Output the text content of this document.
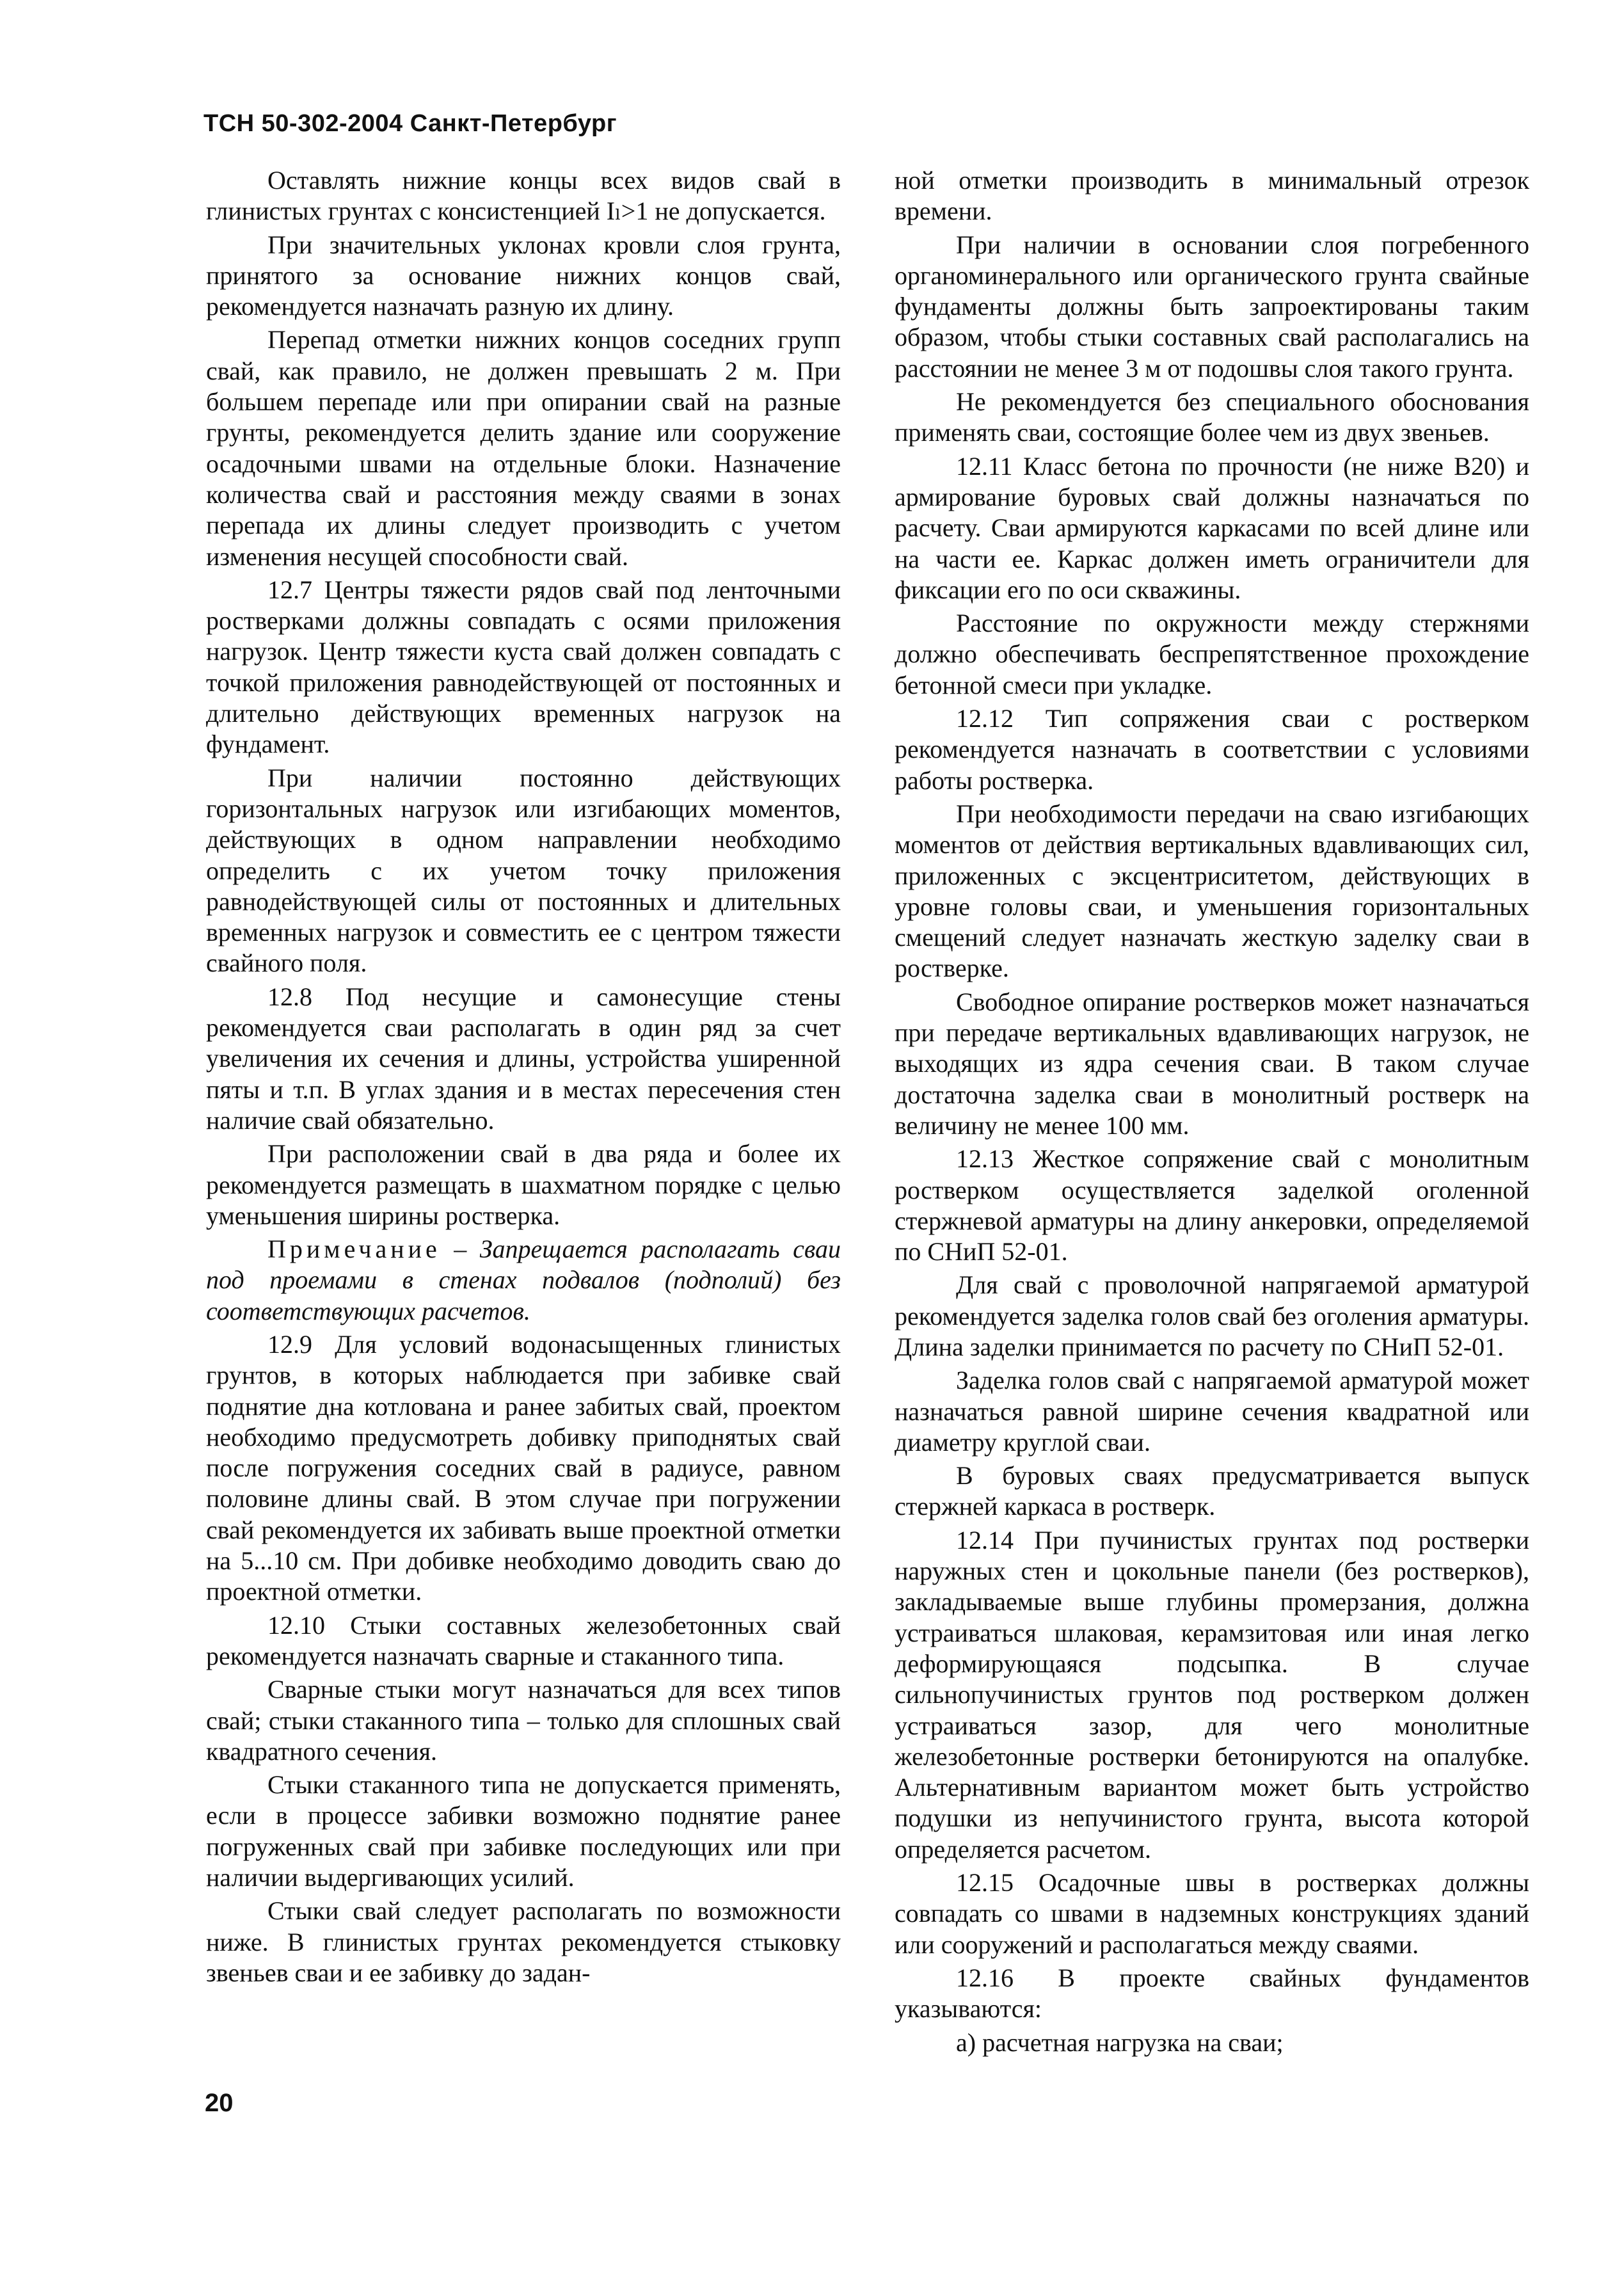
ТСН 50-302-2004 Санкт-Петербург

Оставлять нижние концы всех видов свай в глинистых грунтах с консистенцией Iₗ>1 не допускается.

При значительных уклонах кровли слоя грунта, принятого за основание нижних концов свай, рекомендуется назначать разную их длину.

Перепад отметки нижних концов соседних групп свай, как правило, не должен превышать 2 м. При большем перепаде или при опирании свай на разные грунты, рекомендуется делить здание или сооружение осадочными швами на отдельные блоки. Назначение количества свай и расстояния между сваями в зонах перепада их длины следует производить с учетом изменения несущей способности свай.

12.7 Центры тяжести рядов свай под ленточными ростверками должны совпадать с осями приложения нагрузок. Центр тяжести куста свай должен совпадать с точкой приложения равнодействующей от постоянных и длительно действующих временных нагрузок на фундамент.

При наличии постоянно действующих горизонтальных нагрузок или изгибающих моментов, действующих в одном направлении необходимо определить с их учетом точку приложения равнодействующей силы от постоянных и длительных временных нагрузок и совместить ее с центром тяжести свайного поля.

12.8 Под несущие и самонесущие стены рекомендуется сваи располагать в один ряд за счет увеличения их сечения и длины, устройства уширенной пяты и т.п. В углах здания и в местах пересечения стен наличие свай обязательно.

При расположении свай в два ряда и более их рекомендуется размещать в шахматном порядке с целью уменьшения ширины ростверка.

Примечание – Запрещается располагать сваи под проемами в стенах подвалов (подполий) без соответствующих расчетов.

12.9 Для условий водонасыщенных глинистых грунтов, в которых наблюдается при забивке свай поднятие дна котлована и ранее забитых свай, проектом необходимо предусмотреть добивку приподнятых свай после погружения соседних свай в радиусе, равном половине длины свай. В этом случае при погружении свай рекомендуется их забивать выше проектной отметки на 5...10 см. При добивке необходимо доводить сваю до проектной отметки.

12.10 Стыки составных железобетонных свай рекомендуется назначать сварные и стаканного типа.

Сварные стыки могут назначаться для всех типов свай; стыки стаканного типа – только для сплошных свай квадратного сечения.

Стыки стаканного типа не допускается применять, если в процессе забивки возможно поднятие ранее погруженных свай при забивке последующих или при наличии выдергивающих усилий.

Стыки свай следует располагать по возможности ниже. В глинистых грунтах рекомендуется стыковку звеньев сваи и ее забивку до задан-

ной отметки производить в минимальный отрезок времени.

При наличии в основании слоя погребенного органоминерального или органического грунта свайные фундаменты должны быть запроектированы таким образом, чтобы стыки составных свай располагались на расстоянии не менее 3 м от подошвы слоя такого грунта.

Не рекомендуется без специального обоснования применять сваи, состоящие более чем из двух звеньев.

12.11 Класс бетона по прочности (не ниже B20) и армирование буровых свай должны назначаться по расчету. Сваи армируются каркасами по всей длине или на части ее. Каркас должен иметь ограничители для фиксации его по оси скважины.

Расстояние по окружности между стержнями должно обеспечивать беспрепятственное прохождение бетонной смеси при укладке.

12.12 Тип сопряжения сваи с ростверком рекомендуется назначать в соответствии с условиями работы ростверка.

При необходимости передачи на сваю изгибающих моментов от действия вертикальных вдавливающих сил, приложенных с эксцентриситетом, действующих в уровне головы сваи, и уменьшения горизонтальных смещений следует назначать жесткую заделку сваи в ростверке.

Свободное опирание ростверков может назначаться при передаче вертикальных вдавливающих нагрузок, не выходящих из ядра сечения сваи. В таком случае достаточна заделка сваи в монолитный ростверк на величину не менее 100 мм.

12.13 Жесткое сопряжение свай с монолитным ростверком осуществляется заделкой оголенной стержневой арматуры на длину анкеровки, определяемой по СНиП 52-01.

Для свай с проволочной напрягаемой арматурой рекомендуется заделка голов свай без оголения арматуры. Длина заделки принимается по расчету по СНиП 52-01.

Заделка голов свай с напрягаемой арматурой может назначаться равной ширине сечения квадратной или диаметру круглой сваи.

В буровых сваях предусматривается выпуск стержней каркаса в ростверк.

12.14 При пучинистых грунтах под ростверки наружных стен и цокольные панели (без ростверков), закладываемые выше глубины промерзания, должна устраиваться шлаковая, керамзитовая или иная легко деформирующаяся подсыпка. В случае сильнопучинистых грунтов под ростверком должен устраиваться зазор, для чего монолитные железобетонные ростверки бетонируются на опалубке. Альтернативным вариантом может быть устройство подушки из непучинистого грунта, высота которой определяется расчетом.

12.15 Осадочные швы в ростверках должны совпадать со швами в надземных конструкциях зданий или сооружений и располагаться между сваями.

12.16 В проекте свайных фундаментов указываются:

а) расчетная нагрузка на сваи;

20
